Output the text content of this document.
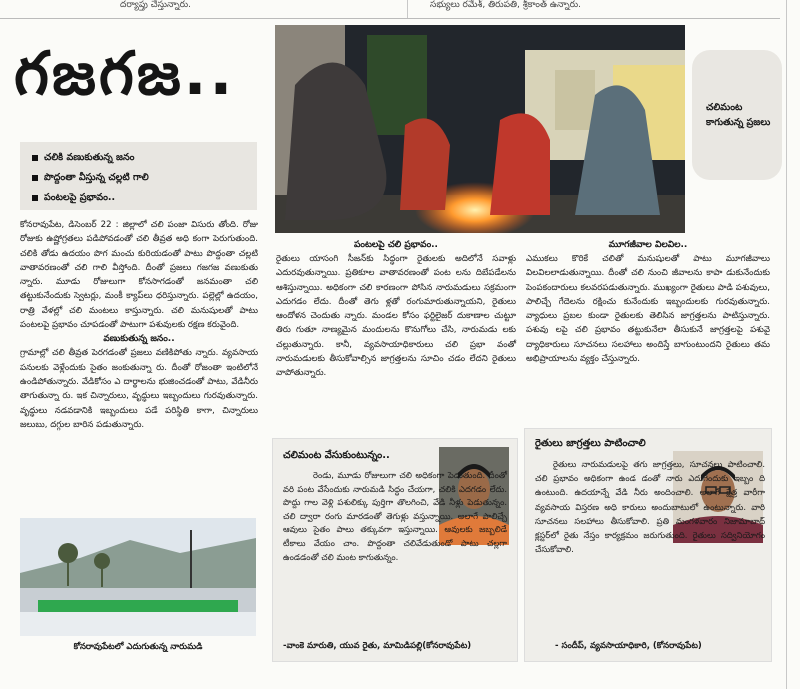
దర్యాప్తు చేస్తున్నారు.	సభ్యులు రమేశ్‌, తిరుపతి, శ్రీకాంత్‌ ఉన్నారు.
గజగజ..
చలికి వణుకుతున్న జనం
పొద్దంతా వీస్తున్న చల్లటి గాలి
పంటలపై ప్రభావం..
చలిమంట కాగుతున్న ప్రజలు

కోనరావుపేట, డిసెంబర్‌ 22 : జిల్లాలో చలి పంజా విసురు తోంది. రోజు రోజుకు ఉష్ణోగ్రతలు పడిపోవడంతో చలి తీవ్రత అధి కంగా పెరుగుతుంది. చలికి తోడు ఉదయం పొగ మంచు కురియడంతో పాటు పొద్దంతా చల్లటి వాతావరణంతో చలి గాలి వీస్తోంది. దీంతో ప్రజలు గజగజ వణుకుతు న్నారు. మూడు రోజులుగా కోనసాగడంతో జనమంతా చలి తట్టుకునేందుకు స్వెటర్లు, మంకీ క్యాప్‌లు ధరిస్తున్నారు. పల్లెల్లో ఉదయం, రాత్రి వేళల్లో చలి మంటలు కాస్తున్నారు. చలి మనుషులతో పాటు పంటలపై ప్రభావం చూపడంతో పాటుగా పశువులకు రక్షణ కరువైంది.

వణుకుతున్న జనం..

గ్రామాల్లో చలి తీవ్రత పెరగడంతో ప్రజలు వణికిపోతు న్నారు. వ్యవసాయ పనులకు వెళ్లేందుకు సైతం జంకుతున్నా రు. దీంతో రోజంతా ఇంటిలోనే ఉండిపోతున్నారు. వేడికోసం ఎ దార్థాలను భుజించడంతో పాటు, వేడినీరు తాగుతున్నా రు. ఇక చిన్నారులు, వృద్ధులు ఇబ్బందులు గురవుతున్నారు. వృద్ధులు నడవడానికి ఇబ్బందులు పడే పరిస్థితి కాగా, చిన్నారులు జలుబు, దగ్గుల బారిన పడుతున్నారు.

కోనరావుపేటలో ఎదుగుతున్న నారుమడి
పంటలపై చలి ప్రభావం..

రైతులు యాసంగి సీజన్‌కు సిద్ధంగా రైతులకు అదిలోనే సవాళ్లు ఎదురవుతున్నాయి. ప్రతికూల వాతావరణంతో పంట లను దిబేపడేలను ఆశిస్తున్నాయి. అధికంగా చలి కారణంగా పోసిన నారుమడులు సక్రమంగా ఎదుగడం లేదు. దీంతో తెగు ళ్లతో రంగుమారుతున్నాయని, రైతులు ఆందోళన చెందుతు న్నారు. మండల కోసం ఫర్టిలైజర్‌ దుకాణాల చుట్టూ తిరు గుతూ నాణ్యమైన మందులను కొనుగోలు చేసి, నారుమడు లకు చల్లుతున్నారు. కానీ, వ్యవసాయాధికారులు చలి ప్రభా వంతో నారుమడులకు తీసుకోవాల్సిన జాగ్రత్తలను సూచిం చడం లేదని రైతులు వాపోతున్నారు.

మూగజీవాల విలవిల..

ఎముకలు కొరికే చలితో మనుషులతో పాటు మూగజీవాలు విలవిలలాడుతున్నాయి. దీంతో చలి నుంచి జీవాలను కాపా డుకునేందుకు పెంపకందారులు కలవరపడుతున్నారు. ముఖ్యంగా రైతులు పాడి పశువులు, పాలిచ్చే గేదెలను రక్షించు కునేందుకు ఇబ్బందులకు గురవుతున్నారు. వ్యాధులు ప్రబల కుండా రైతులకు తెలిసిన జాగ్రత్తలను పాటిస్తున్నారు. పశువు లపై చలి ప్రభావం తట్టుకునేలా తీసుకునే జాగ్రత్తలపై పశువై ద్యాధికారులు సూచనలు సలహాలు అందిస్తే బాగుంటుందని రైతులు తమ అభిప్రాయాలను వ్యక్తం చేస్తున్నారు.

చలిమంట వేసుకుంటున్నం..
రెండు, మూడు రోజులుగా చలి అధికంగా పెడుతుంది. దీంతో వరి పంట వేసేందుకు నారుమడి సిద్ధం చేయగా, చలికి ఎదగడం లేదు. పొద్దు గాల వెళ్లి పశులిక్కు పుర్తిగా తొలగించి, వేడి నీళ్లు పెడుతున్నం. చలి ద్వారా రంగు మారడంతో తెగుళ్లు వస్తున్నాయి. అలాగే పాలిచ్చే ఆవులు సైతం పాలు తక్కువగా ఇస్తున్నాయి. ఆవులకు జబ్బలిడే టీకాలు వేయం చాం. పొద్దంతా చలివేడుతుండో పాటు చల్లగా ఉండడంతో చలి మంట కాగుతున్నం.
-వాంకె మారుతి, యువ రైతు, మామిడిపల్లి(కోనరావుపేట)
రైతులు జాగ్రత్తలు పాటించాలి
రైతులు నారుమడులపై తగు జాగ్రత్తలు, సూచనలు పాటించాలి. చలి ప్రభావం అధికంగా ఉండ డంతో నారు ఎదుగేందుకు ఇబ్బం ది ఉంటుంది. ఉదయాన్నే వేడి నీరు అందించాలి. అలాగే క్షేత్ర వారీగా వ్యవసాయ విస్తరణ అధి కారులు అందుబాటులో ఉంటున్నారు. వారి సూచనలు సలహాలు తీసుకోవాలి. ప్రతి మంగళవారం నిజామాబాద్‌ క్లస్టర్‌లో రైతు నేస్తం కార్యక్రమం జరుగుతుంది. రైతులు సద్వినియోగం చేసుకోవాలి.
- సందీప్‌, వ్యవసాయాధికారి, (కోనరావుపేట)
